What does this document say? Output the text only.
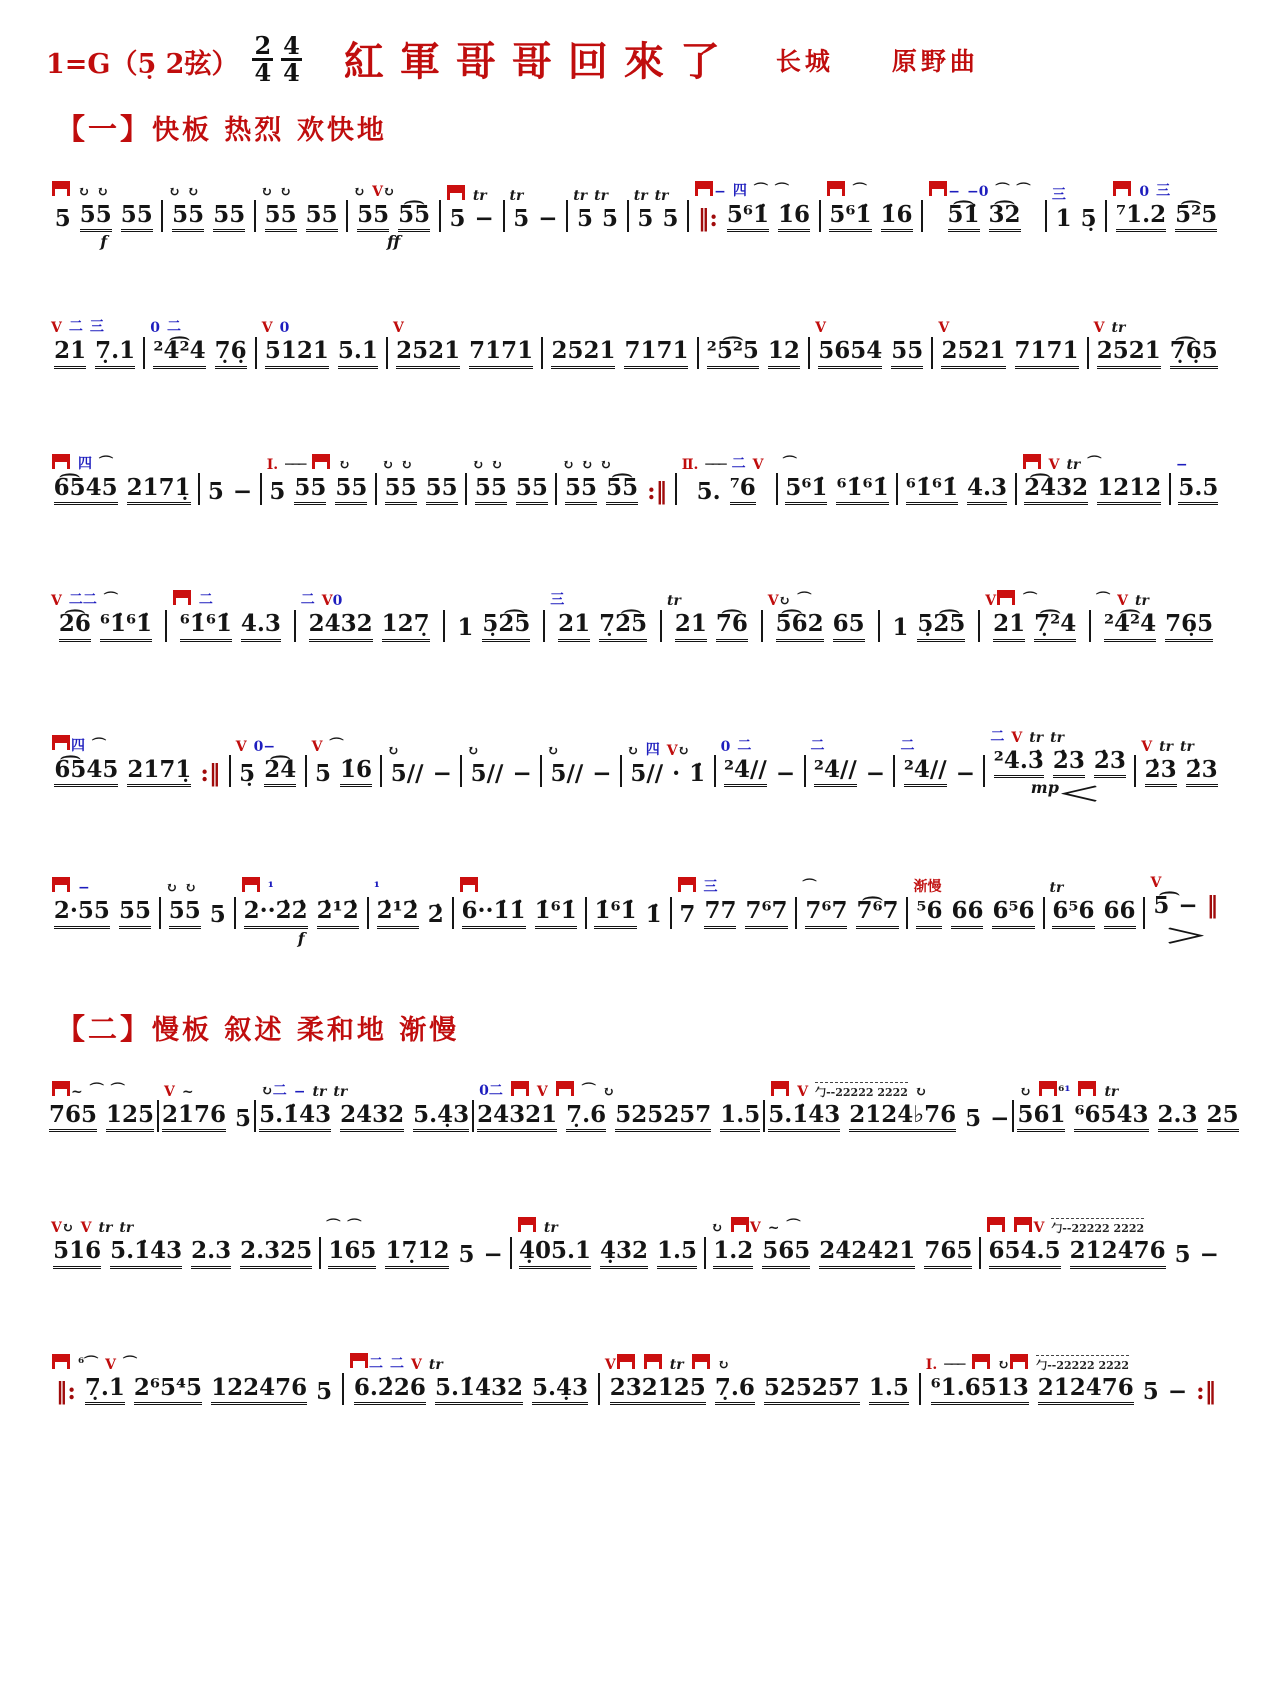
1=G（5̣ 2弦） $\frac{2}{4} \frac{4}{4}$ 紅軍哥哥回來了 长城　　原野曲
【一】快板 热烈 欢快地
↻ ↻
5 55 55
f
↻ ↻
55 55
↻ ↻
55 55
↻ V↻
55 5͡5
ff
tr
5 −
tr
5 −
tr tr
5 5
tr tr
5 5
− 四 ⌒ ⌒
‖: 5⁶1̇ 1̇6
⌒
5⁶1̇ 1̇6
− −0 ⌒ ⌒
5͡1̇ 3͡2
三
1 5̣
0 三
⁷1.2 5͡²5
V 二 三
21 7̣.1
0 二
²4͡²4 7̣6̣
V 0
5121 5.1
V
2521 7171 2521 7171 ²5͡²5 12
V
5654 55
V
2521 7171
V tr
2521 7̣͡6̣5
四 ⌒
6͡545 2171̣ 5 −
Ⅰ. ─── ↻
5 55 55
↻ ↻
55 55
↻ ↻
55 55
↻ ↻ ↻
55 5͡5 :‖
Ⅱ. ─── 二 V
5. ⁷6
⌒
5⁶1̇ ⁶1̇⁶1̇ ⁶1̇⁶1̇ 4.3
V tr ⌒
2͡432 1212
−
5.5
V 二二 ⌒
2͡6 ⁶1̇⁶1̇
二
⁶1̇⁶1̇ 4.3
二 V0
2432 127̣ 1 5̣2͡5
三
21 7̣2͡5
tr
21 7͡6
V↻ ⌒
5͡62 65 1 5̣2͡5
V	⌒
21 7̣͡²4
⌒ V tr
²4͡²4 76̣5
四 ⌒
6͡545 2171̣ :‖
V 0−
5̣ 2͡4
V ⌒
5 1̇6
↻
5∕∕ −
↻
5∕∕ −
↻
5∕∕ −
↻ 四 V↻
5∕∕ · 1̇
0 二
²4∕∕ −
二
²4∕∕ −
二
²4∕∕ −
二 V tr tr
²4.3̇ 2̇3 2̇3
mp
＜
V tr tr
2̇3 2̇3
−
2·55 55
↻ ↻
55 5
¹
2··2̇2̇ 2̇¹2̇
f
¹
2̇¹2̇ 2̇ 6··1̇1̇ 1̇⁶1̇ 1̇⁶1̇ 1̇
三
7 77 7⁶7
⌒
7⁶7 7͡⁶7
渐慢
⁵6 66 6⁵6
tr
6⁵6 66
V
5͡ − ‖
＞
【二】慢板 叙述 柔和地 渐慢
~ ⌒ ⌒
765 125
V ~
2176 5
↻二 − tr tr
5.1̇43 2432 5.4̣3
0二 V ⌒ ↻
24321 7̣.6 525257 1.5
V 勹--22222 2222 ↻
5.1̇43 2124♭76 5 −
↻	⁶¹ tr
561 ⁶6543 2.3 25
V↻ V tr tr
516 5.1̇43 2.3 2.325
⌒ ⌒
165 17̣12 5 −
tr
4̣05.1 4̣32 1.5
↻	V ~ ⌒
1.2 565 242421 765
V 勹--22222 2222
654.5 212476 5 −
⁶⌒ V ⌒
‖: 7̣.1 2⁶5⁴5 122476 5
二 二 V tr
6.2̇26 5.1̇432 5.4̣3
V	tr ↻
232125 7̣.6 525257 1.5
Ⅰ. ─── ↻	勹--22222 2222
⁶1.6513 212476 5 − :‖
